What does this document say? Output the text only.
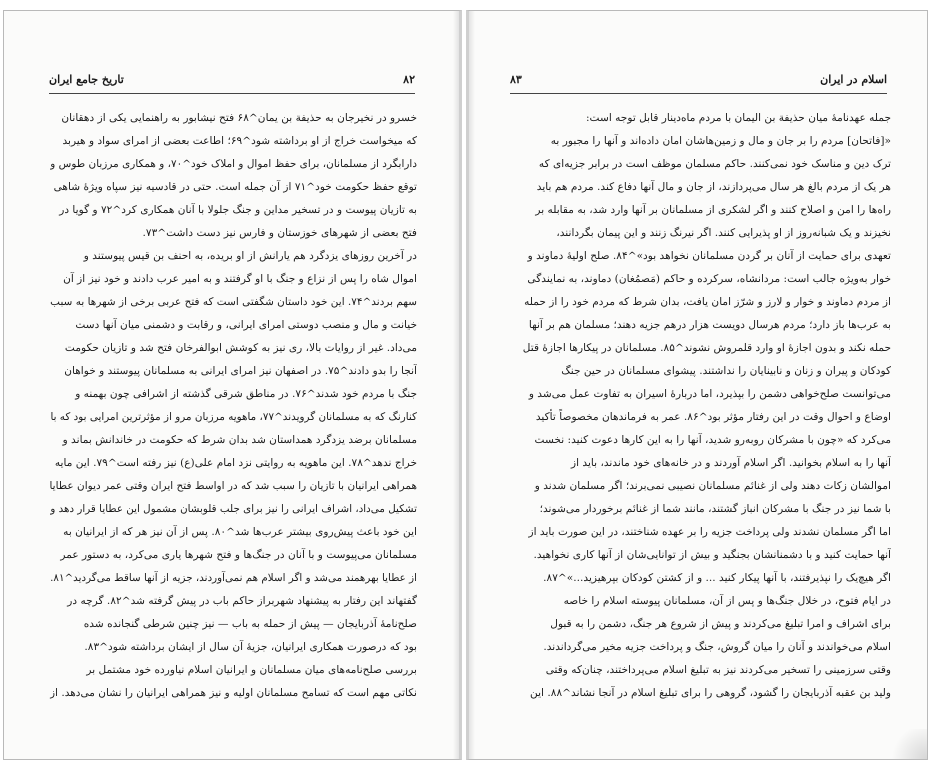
تاریخ جامع ایران	۸۲
خسرو در نخیرجان به حذیفة بن یمان^۶۸ فتح نیشابور به راهنمایی یکی از دهقانان
که میخواست خراج از او برداشته شود^۶۹؛ اطاعت بعضی از امرای سواد و هیربد
دارابگرد از مسلمانان، برای حفظ اموال و املاک خود^۷۰، و همکاری مرزبان طوس و
توقع حفظ حکومت خود^۷۱ از آن جمله است. حتی در قادسیه نیز سپاه ویژهٔ شاهی
به تازیان پیوست و در تسخیر مداین و جنگ جلولا با آنان همکاری کرد^۷۲ و گویا در
فتح بعضی از شهرهای خوزستان و فارس نیز دست داشت^۷۳.
در آخرین روزهای یزدگرد هم یارانش از او بریده، به احنف بن قیس پیوستند و
اموال شاه را پس از نزاع و جنگ با او گرفتند و به امیر عرب دادند و خود نیز از آن
سهم بردند^۷۴. این خود داستان شگفتی است که فتح عربی برخی از شهرها به سبب
خیانت و مال و منصب دوستی امرای ایرانی، و رقابت و دشمنی میان آنها دست
می‌داد. غیر از روایات بالا، ری نیز به کوشش ابوالفرخان فتح شد و تازیان حکومت
آنجا را بدو دادند^۷۵. در اصفهان نیز امرای ایرانی به مسلمانان پیوستند و خواهان
جنگ با مردم خود شدند^۷۶. در مناطق شرقی گذشته از اشرافی چون بهمنه و
کنارنگ که به مسلمانان گرویدند^۷۷، ماهویه مرزبان مرو از مؤثرترین امرایی بود که با
مسلمانان برضد یزدگرد همداستان شد بدان شرط که حکومت در خاندانش بماند و
خراج ندهد^۷۸. این ماهویه به روایتی نزد امام علی(ع) نیز رفته است^۷۹. این مایه
همراهی ایرانیان با تازیان را سبب شد که در اواسط فتح ایران وقتی عمر دیوان عطایا
تشکیل می‌داد، اشراف ایرانی را نیز برای جلب قلوبشان مشمول این عطایا قرار دهد و
این خود باعث پیش‌روی بیشتر عرب‌ها شد^۸۰. پس از آن نیز هر که از ایرانیان به
مسلمانان می‌پیوست و با آنان در جنگ‌ها و فتح شهرها یاری می‌کرد، به دستور عمر
از عطایا بهرهمند می‌شد و اگر اسلام هم نمی‌آوردند، جزیه از آنها ساقط می‌گردید^۸۱.
گفتهاند این رفتار به پیشنهاد شهربراز حاکم باب در پیش گرفته شد^۸۲. گرچه در
صلح‌نامهٔ آذربایجان — پیش از حمله به باب — نیز چنین شرطی گنجانده شده
بود که درصورت همکاری ایرانیان، جزیهٔ آن سال از ایشان برداشته شود^۸۳.
بررسی صلح‌نامه‌های میان مسلمانان و ایرانیان اسلام نیاورده خود مشتمل بر
نکاتی مهم است که تسامح مسلمانان اولیه و نیز همراهی ایرانیان را نشان می‌دهد. از
اسلام در ایران
۸۳
جمله عهدنامهٔ میان حذیفة بن الیمان با مردم ماه‌دینار قابل توجه است:
«[فاتحان] مردم را بر جان و مال و زمین‌هاشان امان داده‌اند و آنها را مجبور به
ترک دین و مناسک خود نمی‌کنند. حاکم مسلمان موظف است در برابر جزیه‌ای که
هر یک از مردم بالغ هر سال می‌پردازند، از جان و مال آنها دفاع کند. مردم هم باید
راه‌ها را امن و اصلاح کنند و اگر لشکری از مسلمانان بر آنها وارد شد، به مقابله بر
نخیزند و یک شبانه‌روز از او پذیرایی کنند. اگر نیرنگ زنند و این پیمان بگردانند،
تعهدی برای حمایت از آنان بر گردن مسلمانان نخواهد بود»^۸۴. صلح اولیهٔ دماوند و
خوار به‌ویژه جالب است: مردانشاه، سرکرده و حاکم (مَصمُغان) دماوند، به نمایندگی
از مردم دماوند و خوار و لارز و شرّز امان یافت، بدان شرط که مردم خود را از حمله
به عرب‌ها باز دارد؛ مردم هرسال دویست هزار درهم جزیه دهند؛ مسلمان هم بر آنها
حمله نکند و بدون اجازهٔ او وارد قلمروش نشوند^۸۵. مسلمانان در پیکارها اجازهٔ قتل
کودکان و پیران و زنان و نابینایان را نداشتند. پیشوای مسلمانان در حین جنگ
می‌توانست صلح‌خواهی دشمن را بپذیرد، اما دربارهٔ اسیران به تفاوت عمل می‌شد و
اوضاع و احوال وقت در این رفتار مؤثر بود^۸۶. عمر به فرماندهان مخصوصاً تأکید
می‌کرد که «چون با مشرکان روبه‌رو شدید، آنها را به این کارها دعوت کنید: نخست
آنها را به اسلام بخوانید. اگر اسلام آوردند و در خانه‌های خود ماندند، باید از
اموالشان زکات دهند ولی از غنائم مسلمانان نصیبی نمی‌برند؛ اگر مسلمان شدند و
با شما نیز در جنگ با مشرکان انباز گشتند، مانند شما از غنائم برخوردار می‌شوند؛
اما اگر مسلمان نشدند ولی پرداخت جزیه را بر عهده شناختند، در این صورت باید از
آنها حمایت کنید و با دشمنانشان بجنگید و بیش از توانایی‌شان از آنها کاری نخواهید.
اگر هیچ‌یک را نپذیرفتند، با آنها پیکار کنید ... و از کشتن کودکان بپرهیزید...»^۸۷.
در ایام فتوح، در خلال جنگ‌ها و پس از آن، مسلمانان پیوسته اسلام را خاصه
برای اشراف و امرا تبلیغ می‌کردند و پیش از شروع هر جنگ، دشمن را به قبول
اسلام می‌خواندند و آنان را میان گروش، جنگ و پرداخت جزیه مخیر می‌گرداندند.
وقتی سرزمینی را تسخیر می‌کردند نیز به تبلیغ اسلام می‌پرداختند، چنان‌که وقتی
ولید بن عقبه آذربایجان را گشود، گروهی را برای تبلیغ اسلام در آنجا نشاند^۸۸. این
